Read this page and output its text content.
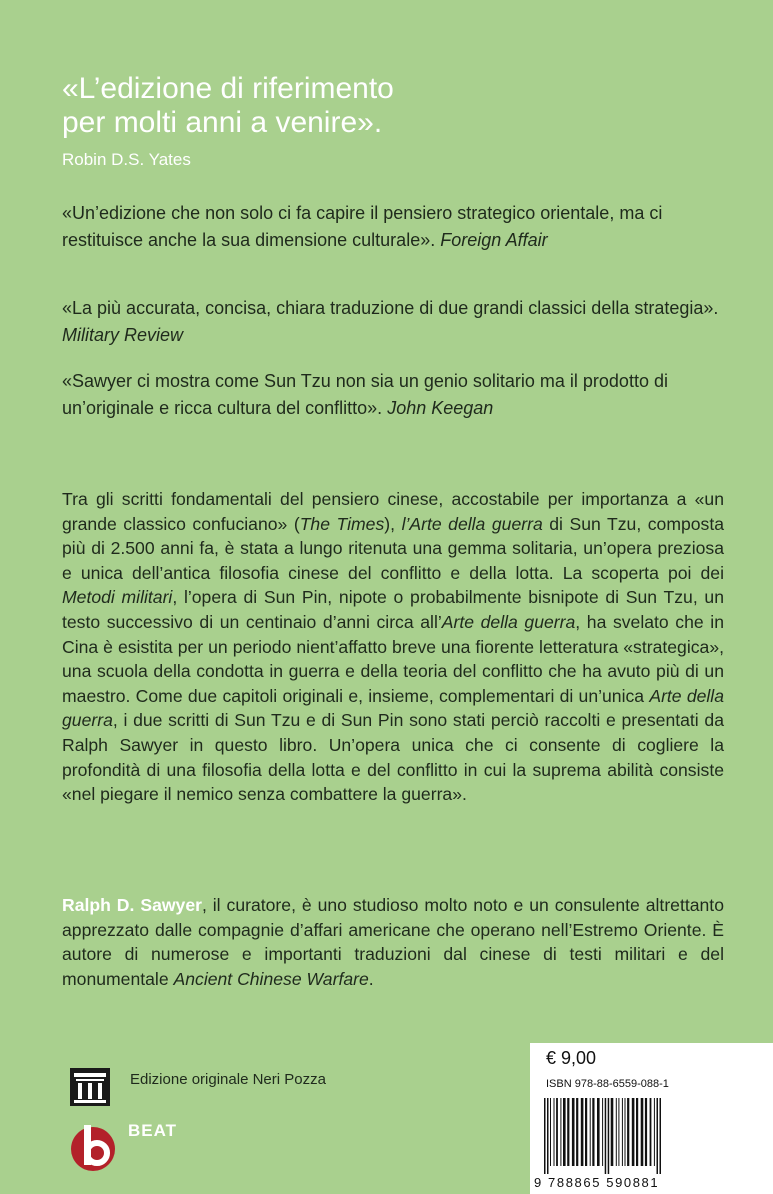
«L’edizione di riferimento
per molti anni a venire».
Robin D.S. Yates
«Un’edizione che non solo ci fa capire il pensiero strategico orientale, ma ci restituisce anche la sua dimensione culturale». Foreign Affair
«La più accurata, concisa, chiara traduzione di due grandi classici della strategia». Military Review
«Sawyer ci mostra come Sun Tzu non sia un genio solitario ma il prodotto di un’originale e ricca cultura del conflitto». John Keegan
Tra gli scritti fondamentali del pensiero cinese, accostabile per importanza a «un grande classico confuciano» (The Times), l’Arte della guerra di Sun Tzu, composta più di 2.500 anni fa, è stata a lungo ritenuta una gemma solitaria, un’opera preziosa e unica dell’antica filosofia cinese del conflitto e della lotta. La scoperta poi dei Metodi militari, l’opera di Sun Pin, nipote o probabilmente bisnipote di Sun Tzu, un testo successivo di un centinaio d’anni circa all’Arte della guerra, ha svelato che in Cina è esistita per un periodo nient’affatto breve una fiorente letteratura «strategica», una scuola della condotta in guerra e della teoria del conflitto che ha avuto più di un maestro. Come due capitoli originali e, insieme, complementari di un’unica Arte della guerra, i due scritti di Sun Tzu e di Sun Pin sono stati perciò raccolti e presentati da Ralph Sawyer in questo libro. Un’opera unica che ci consente di cogliere la profondità di una filosofia della lotta e del conflitto in cui la suprema abilità consiste «nel piegare il nemico senza combattere la guerra».
Ralph D. Sawyer, il curatore, è uno studioso molto noto e un consulente altrettanto apprezzato dalle compagnie d’affari americane che operano nell’Estremo Oriente. È autore di numerose e importanti traduzioni dal cinese di testi militari e del monumentale Ancient Chinese Warfare.
Edizione originale Neri Pozza
BEAT
€ 9,00
ISBN 978-88-6559-088-1
9 788865 590881
